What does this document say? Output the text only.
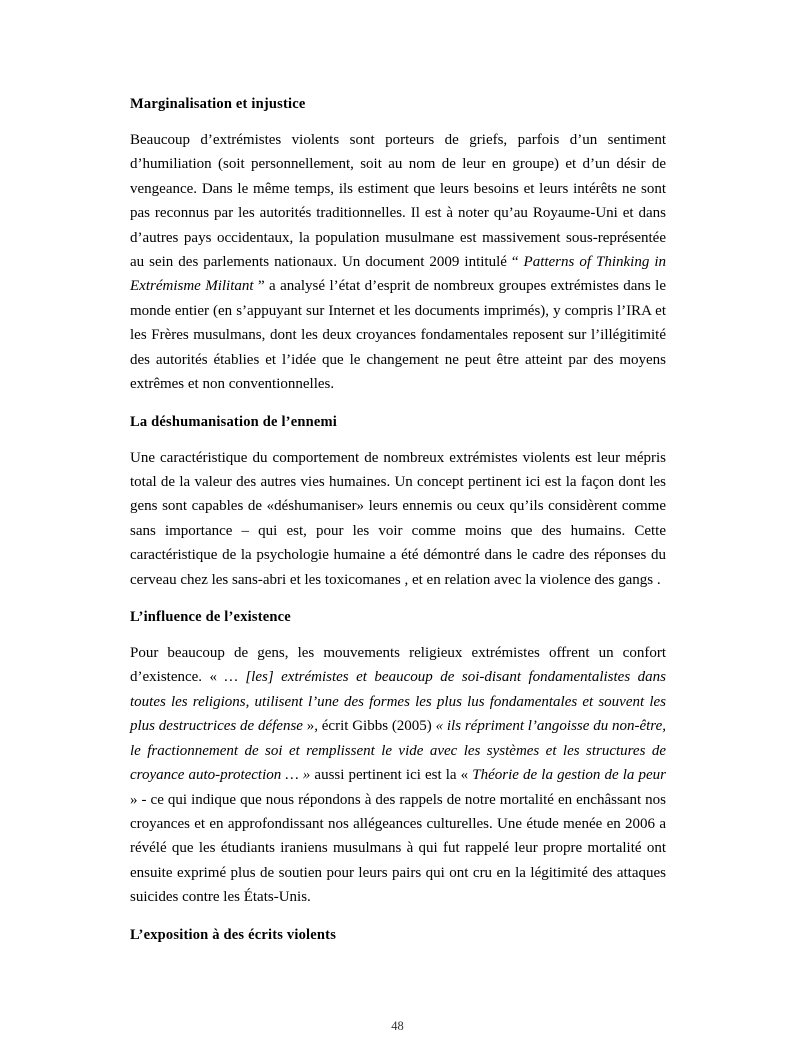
Marginalisation et injustice

Beaucoup d’extrémistes violents sont porteurs de griefs, parfois d’un sentiment d’humiliation (soit personnellement, soit au nom de leur en groupe) et d’un désir de vengeance. Dans le même temps, ils estiment que leurs besoins et leurs intérêts ne sont pas reconnus par les autorités traditionnelles. Il est à noter qu’au Royaume-Uni et dans d’autres pays occidentaux, la population musulmane est massivement sous-représentée au sein des parlements nationaux. Un document 2009 intitulé “ Patterns of Thinking in Extrémisme Militant ” a analysé l’état d’esprit de nombreux groupes extrémistes dans le monde entier (en s’appuyant sur Internet et les documents imprimés), y compris l’IRA et les Frères musulmans, dont les deux croyances fondamentales reposent sur l’illégitimité des autorités établies et l’idée que le changement ne peut être atteint par des moyens extrêmes et non conventionnelles.

La déshumanisation de l’ennemi

Une caractéristique du comportement de nombreux extrémistes violents est leur mépris total de la valeur des autres vies humaines. Un concept pertinent ici est la façon dont les gens sont capables de «déshumaniser» leurs ennemis ou ceux qu’ils considèrent comme sans importance – qui est, pour les voir comme moins que des humains. Cette caractéristique de la psychologie humaine a été démontré dans le cadre des réponses du cerveau chez les sans-abri et les toxicomanes , et en relation avec la violence des gangs .

L’influence de l’existence

Pour beaucoup de gens, les mouvements religieux extrémistes offrent un confort d’existence. « … [les] extrémistes et beaucoup de soi-disant fondamentalistes dans toutes les religions, utilisent l’une des formes les plus lus fondamentales et souvent les plus destructrices de défense », écrit Gibbs (2005) « ils répriment l’angoisse du non-être, le fractionnement de soi et remplissent le vide avec les systèmes et les structures de croyance auto-protection … » aussi pertinent ici est la « Théorie de la gestion de la peur » - ce qui indique que nous répondons à des rappels de notre mortalité en enchâssant nos croyances et en approfondissant nos allégeances culturelles. Une étude menée en 2006 a révélé que les étudiants iraniens musulmans à qui fut rappelé leur propre mortalité ont ensuite exprimé plus de soutien pour leurs pairs qui ont cru en la légitimité des attaques suicides contre les États-Unis.

L’exposition à des écrits violents
48
